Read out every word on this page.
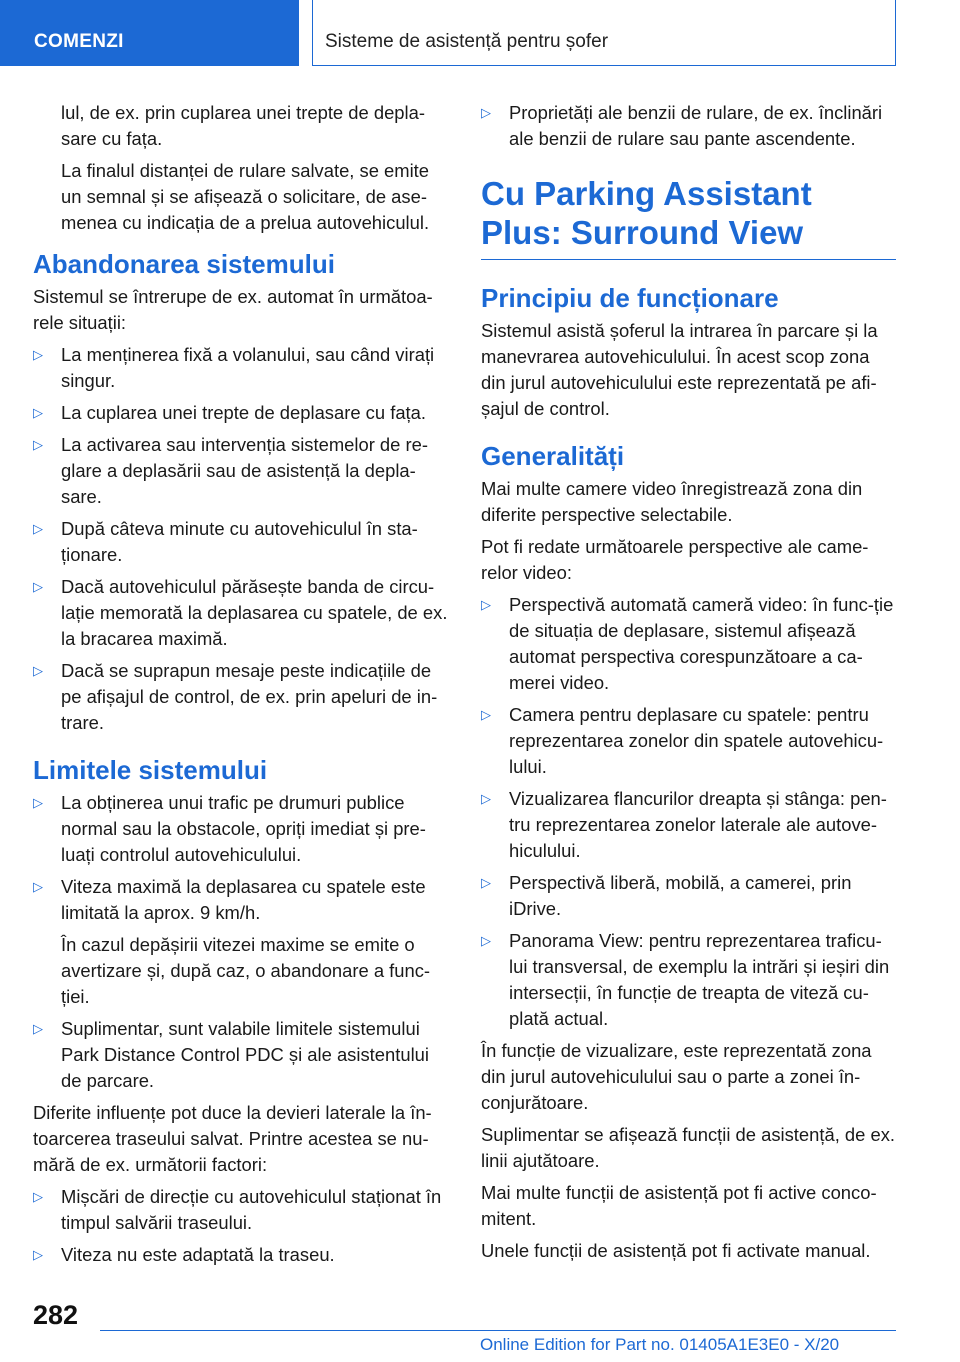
COMENZI	Sisteme de asistență pentru șofer
lul, de ex. prin cuplarea unei trepte de depla-sare cu fața.
La finalul distanței de rulare salvate, se emite un semnal și se afișează o solicitare, de ase-menea cu indicația de a prelua autovehiculul.
Abandonarea sistemului
Sistemul se întrerupe de ex. automat în următoa-rele situații:
▷ La menținerea fixă a volanului, sau când virați singur.
▷ La cuplarea unei trepte de deplasare cu fața.
▷ La activarea sau intervenția sistemelor de re-glare a deplasării sau de asistență la depla-sare.
▷ După câteva minute cu autovehiculul în sta-ționare.
▷ Dacă autovehiculul părăsește banda de circu-lație memorată la deplasarea cu spatele, de ex. la bracarea maximă.
▷ Dacă se suprapun mesaje peste indicațiile de pe afișajul de control, de ex. prin apeluri de in-trare.
Limitele sistemului
▷ La obținerea unui trafic pe drumuri publice normal sau la obstacole, opriți imediat și pre-luați controlul autovehiculului.
▷ Viteza maximă la deplasarea cu spatele este limitată la aprox. 9 km/h.
În cazul depășirii vitezei maxime se emite o avertizare și, după caz, o abandonare a func-ției.
▷ Suplimentar, sunt valabile limitele sistemului Park Distance Control PDC și ale asistentului de parcare.
Diferite influențe pot duce la devieri laterale la în-toarcerea traseului salvat. Printre acestea se nu-mără de ex. următorii factori:
▷ Mișcări de direcție cu autovehiculul staționat în timpul salvării traseului.
▷ Viteza nu este adaptată la traseu.
▷ Proprietăți ale benzii de rulare, de ex. înclinări ale benzii de rulare sau pante ascendente.
Cu Parking Assistant Plus: Surround View
Principiu de funcționare
Sistemul asistă șoferul la intrarea în parcare și la manevrarea autovehiculului. În acest scop zona din jurul autovehiculului este reprezentată pe afi-șajul de control.
Generalități
Mai multe camere video înregistrează zona din diferite perspective selectabile.
Pot fi redate următoarele perspective ale came-relor video:
▷ Perspectivă automată cameră video: în func-ție de situația de deplasare, sistemul afișează automat perspectiva corespunzătoare a ca-merei video.
▷ Camera pentru deplasare cu spatele: pentru reprezentarea zonelor din spatele autovehicu-lului.
▷ Vizualizarea flancurilor dreapta și stânga: pen-tru reprezentarea zonelor laterale ale autove-hiculului.
▷ Perspectivă liberă, mobilă, a camerei, prin iDrive.
▷ Panorama View: pentru reprezentarea traficu-lui transversal, de exemplu la intrări și ieșiri din intersecții, în funcție de treapta de viteză cu-plată actual.
În funcție de vizualizare, este reprezentată zona din jurul autovehiculului sau o parte a zonei în-conjurătoare.
Suplimentar se afișează funcții de asistență, de ex. linii ajutătoare.
Mai multe funcții de asistență pot fi active conco-mitent.
Unele funcții de asistență pot fi activate manual.
282
Online Edition for Part no. 01405A1E3E0 - X/20
